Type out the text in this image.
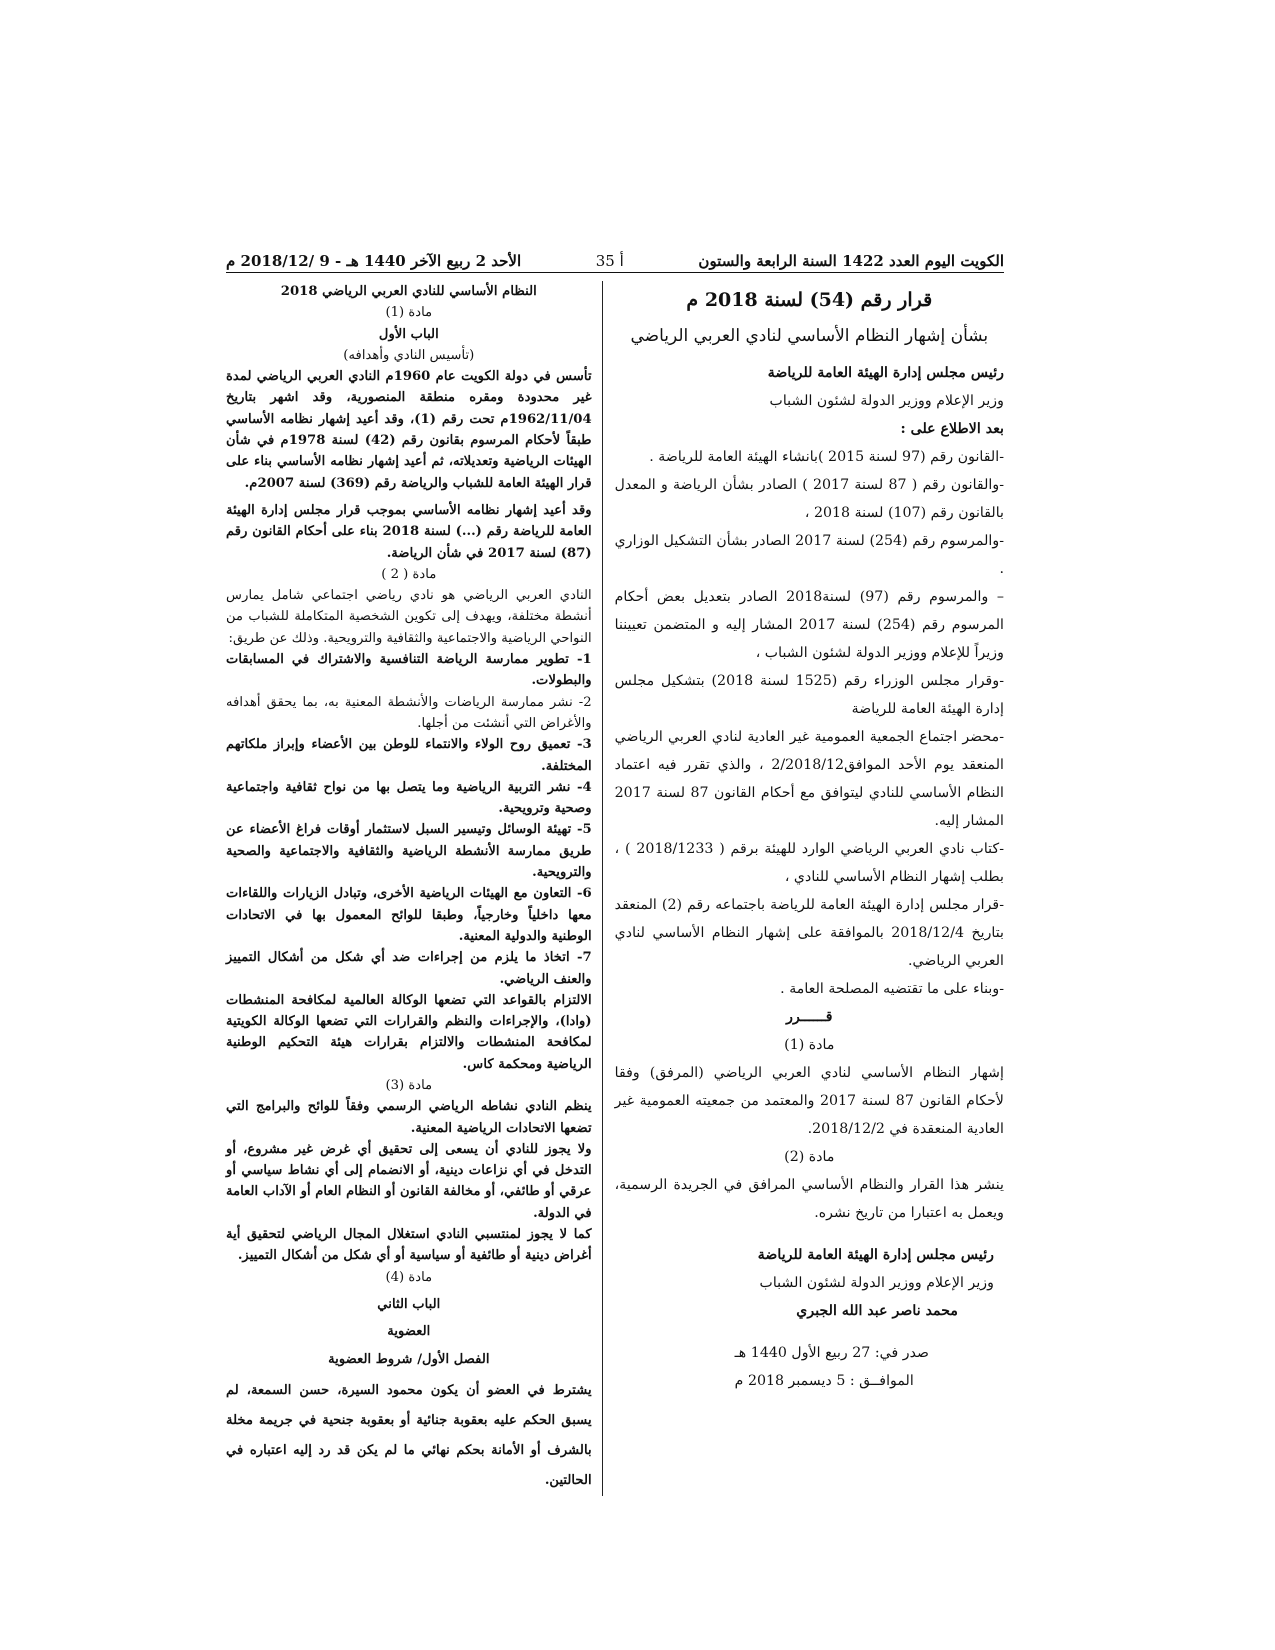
الكويت اليوم العدد 1422 السنة الرابعة والستون
أ 35
الأحد 2 ربيع الآخر 1440 هـ - 9 /2018/12 م
قرار رقم (54) لسنة 2018 م
بشأن إشهار النظام الأساسي لنادي العربي الرياضي

رئيس مجلس إدارة الهيئة العامة للرياضة

وزير الإعلام ووزير الدولة لشئون الشباب

بعد الاطلاع على :

-القانون رقم (97 لسنة 2015 )بانشاء الهيئة العامة للرياضة .

-والقانون رقم ( 87 لسنة 2017 ) الصادر بشأن الرياضة و المعدل بالقانون رقم (107) لسنة 2018 ،

-والمرسوم رقم (254) لسنة 2017 الصادر بشأن التشكيل الوزاري .

– والمرسوم رقم (97) لسنة2018 الصادر بتعديل بعض أحكام المرسوم رقم (254) لسنة 2017 المشار إليه و المتضمن تعييننا وزيراً للإعلام ووزير الدولة لشئون الشباب ،

-وقرار مجلس الوزراء رقم (1525 لسنة 2018) بتشكيل مجلس إدارة الهيئة العامة للرياضة

-محضر اجتماع الجمعية العمومية غير العادية لنادي العربي الرياضي المنعقد يوم الأحد الموافق2/2018/12 ، والذي تقرر فيه اعتماد النظام الأساسي للنادي ليتوافق مع أحكام القانون 87 لسنة 2017 المشار إليه.

-كتاب نادي العربي الرياضي الوارد للهيئة برقم ( 2018/1233 ) ، بطلب إشهار النظام الأساسي للنادي ،

-قرار مجلس إدارة الهيئة العامة للرياضة باجتماعه رقم (2) المنعقد بتاريخ 2018/12/4 بالموافقة على إشهار النظام الأساسي لنادي العربي الرياضي.

-وبناء على ما تقتضيه المصلحة العامة .

قــــــرر

مادة (1)

إشهار النظام الأساسي لنادي العربي الرياضي (المرفق) وفقا لأحكام القانون 87 لسنة 2017 والمعتمد من جمعيته العمومية غير العادية المنعقدة في 2018/12/2.

مادة (2)

ينشر هذا القرار والنظام الأساسي المرافق في الجريدة الرسمية، ويعمل به اعتبارا من تاريخ نشره.

رئيس مجلس إدارة الهيئة العامة للرياضة

وزير الإعلام ووزير الدولة لشئون الشباب

محمد ناصر عبد الله الجبري

صدر في: 27 ربيع الأول 1440 هـ

الموافــق : 5 ديسمبر 2018 م

النظام الأساسي للنادي العربي الرياضي 2018

مادة (1)

الباب الأول

(تأسيس النادي وأهدافه)

تأسس في دولة الكويت عام 1960م النادي العربي الرياضي لمدة غير محدودة ومقره منطقة المنصورية، وقد اشهر بتاريخ 1962/11/04م تحت رقم (1)، وقد أعيد إشهار نظامه الأساسي طبقاً لأحكام المرسوم بقانون رقم (42) لسنة 1978م في شأن الهيئات الرياضية وتعديلاته، ثم أعيد إشهار نظامه الأساسي بناء على قرار الهيئة العامة للشباب والرياضة رقم (369) لسنة 2007م.

وقد أعيد إشهار نظامه الأساسي بموجب قرار مجلس إدارة الهيئة العامة للرياضة رقم (...) لسنة 2018 بناء على أحكام القانون رقم (87) لسنة 2017 في شأن الرياضة.

مادة ( 2 )

النادي العربي الرياضي هو نادي رياضي اجتماعي شامل يمارس أنشطة مختلفة، ويهدف إلى تكوين الشخصية المتكاملة للشباب من النواحي الرياضية والاجتماعية والثقافية والترويحية. وذلك عن طريق:

1- تطوير ممارسة الرياضة التنافسية والاشتراك في المسابقات والبطولات.

2- نشر ممارسة الرياضات والأنشطة المعنية به، بما يحقق أهدافه والأغراض التي أنشئت من أجلها.

3- تعميق روح الولاء والانتماء للوطن بين الأعضاء وإبراز ملكاتهم المختلفة.

4- نشر التربية الرياضية وما يتصل بها من نواح ثقافية واجتماعية وصحية وترويحية.

5- تهيئة الوسائل وتيسير السبل لاستثمار أوقات فراغ الأعضاء عن طريق ممارسة الأنشطة الرياضية والثقافية والاجتماعية والصحية والترويحية.

6- التعاون مع الهيئات الرياضية الأخرى، وتبادل الزيارات واللقاءات معها داخلياً وخارجياً، وطبقا للوائح المعمول بها في الاتحادات الوطنية والدولية المعنية.

7- اتخاذ ما يلزم من إجراءات ضد أي شكل من أشكال التمييز والعنف الرياضي.

الالتزام بالقواعد التي تضعها الوكالة العالمية لمكافحة المنشطات (وادا)، والإجراءات والنظم والقرارات التي تضعها الوكالة الكويتية لمكافحة المنشطات والالتزام بقرارات هيئة التحكيم الوطنية الرياضية ومحكمة كاس.

مادة (3)

ينظم النادي نشاطه الرياضي الرسمي وفقاً للوائح والبرامج التي تضعها الاتحادات الرياضية المعنية.

ولا يجوز للنادي أن يسعى إلى تحقيق أي غرض غير مشروع، أو التدخل في أي نزاعات دينية، أو الانضمام إلى أي نشاط سياسي أو عرقي أو طائفي، أو مخالفة القانون أو النظام العام أو الآداب العامة في الدولة.

كما لا يجوز لمنتسبي النادي استغلال المجال الرياضي لتحقيق أية أغراض دينية أو طائفية أو سياسية أو أي شكل من أشكال التمييز.

مادة (4)

الباب الثاني

العضوية

الفصل الأول/ شروط العضوية

يشترط في العضو أن يكون محمود السيرة، حسن السمعة، لم يسبق الحكم عليه بعقوبة جنائية أو بعقوبة جنحية في جريمة مخلة بالشرف أو الأمانة بحكم نهائي ما لم يكن قد رد إليه اعتباره في الحالتين.
